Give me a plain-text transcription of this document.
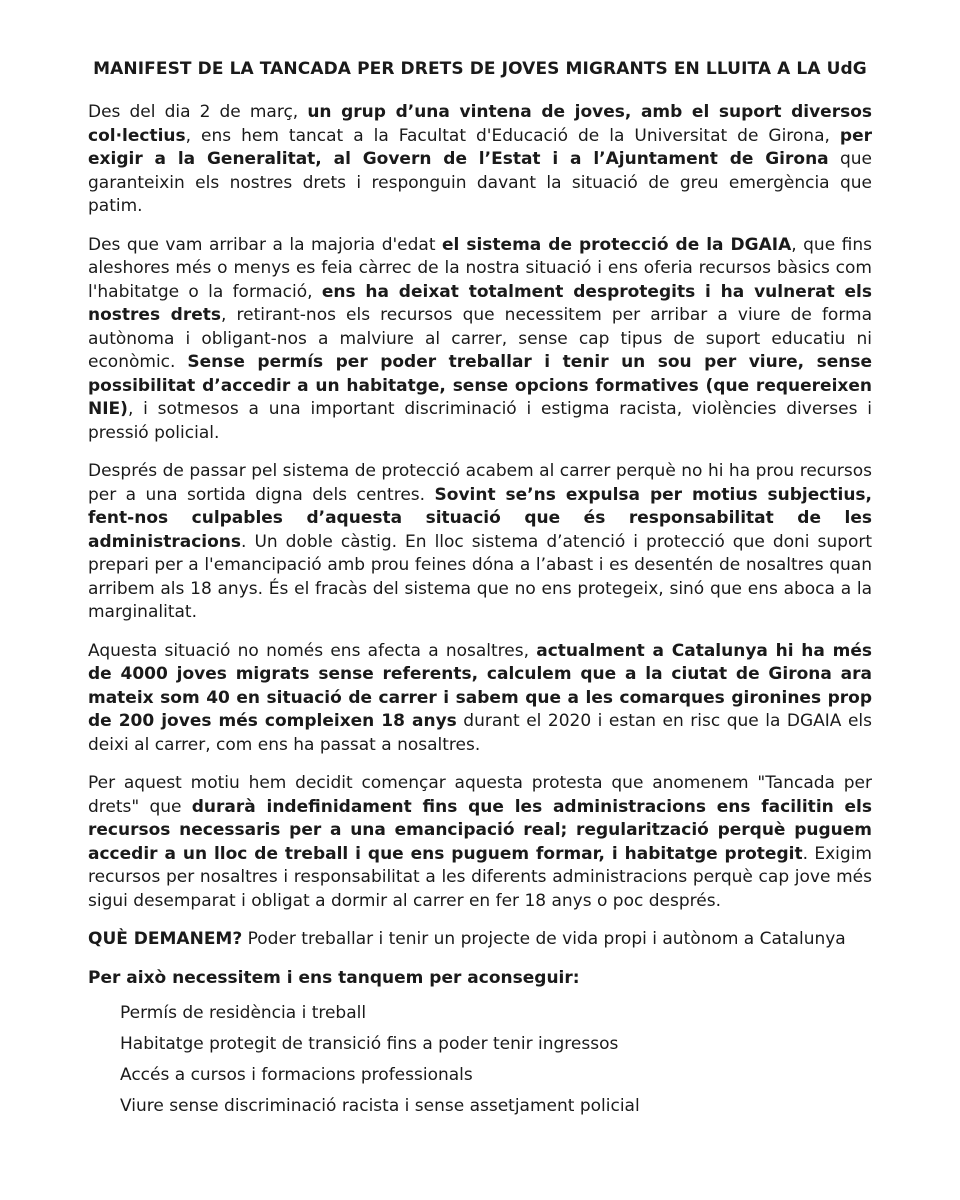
MANIFEST DE LA TANCADA PER DRETS DE JOVES MIGRANTS EN LLUITA A LA UdG

Des del dia 2 de març, un grup d’una vintena de joves, amb el suport diversos col·lectius, ens hem tancat a la Facultat d'Educació de la Universitat de Girona, per exigir a la Generalitat, al Govern de l’Estat i a l’Ajuntament de Girona que garanteixin els nostres drets i responguin davant la situació de greu emergència que patim.

Des que vam arribar a la majoria d'edat el sistema de protecció de la DGAIA, que fins aleshores més o menys es feia càrrec de la nostra situació i ens oferia recursos bàsics com l'habitatge o la formació, ens ha deixat totalment desprotegits i ha vulnerat els nostres drets, retirant-nos els recursos que necessitem per arribar a viure de forma autònoma i obligant-nos a malviure al carrer, sense cap tipus de suport educatiu ni econòmic. Sense permís per poder treballar i tenir un sou per viure, sense possibilitat d’accedir a un habitatge, sense opcions formatives (que requereixen NIE), i sotmesos a una important discriminació i estigma racista, violències diverses i pressió policial.

Després de passar pel sistema de protecció acabem al carrer perquè no hi ha prou recursos per a una sortida digna dels centres. Sovint se’ns expulsa per motius subjectius, fent-nos culpables d’aquesta situació que és responsabilitat de les administracions. Un doble càstig. En lloc sistema d’atenció i protecció que doni suport prepari per a l'emancipació amb prou feines dóna a l’abast i es desentén de nosaltres quan arribem als 18 anys. És el fracàs del sistema que no ens protegeix, sinó que ens aboca a la marginalitat.

Aquesta situació no només ens afecta a nosaltres, actualment a Catalunya hi ha més de 4000 joves migrats sense referents, calculem que a la ciutat de Girona ara mateix som 40 en situació de carrer i sabem que a les comarques gironines prop de 200 joves més compleixen 18 anys durant el 2020 i estan en risc que la DGAIA els deixi al carrer, com ens ha passat a nosaltres.

Per aquest motiu hem decidit començar aquesta protesta que anomenem "Tancada per drets" que durarà indefinidament fins que les administracions ens facilitin els recursos necessaris per a una emancipació real; regularització perquè puguem accedir a un lloc de treball i que ens puguem formar, i habitatge protegit. Exigim recursos per nosaltres i responsabilitat a les diferents administracions perquè cap jove més sigui desemparat i obligat a dormir al carrer en fer 18 anys o poc després.

QUÈ DEMANEM? Poder treballar i tenir un projecte de vida propi i autònom a Catalunya

Per això necessitem i ens tanquem per aconseguir:

Permís de residència i treball
Habitatge protegit de transició fins a poder tenir ingressos
Accés a cursos i formacions professionals
Viure sense discriminació racista i sense assetjament policial
